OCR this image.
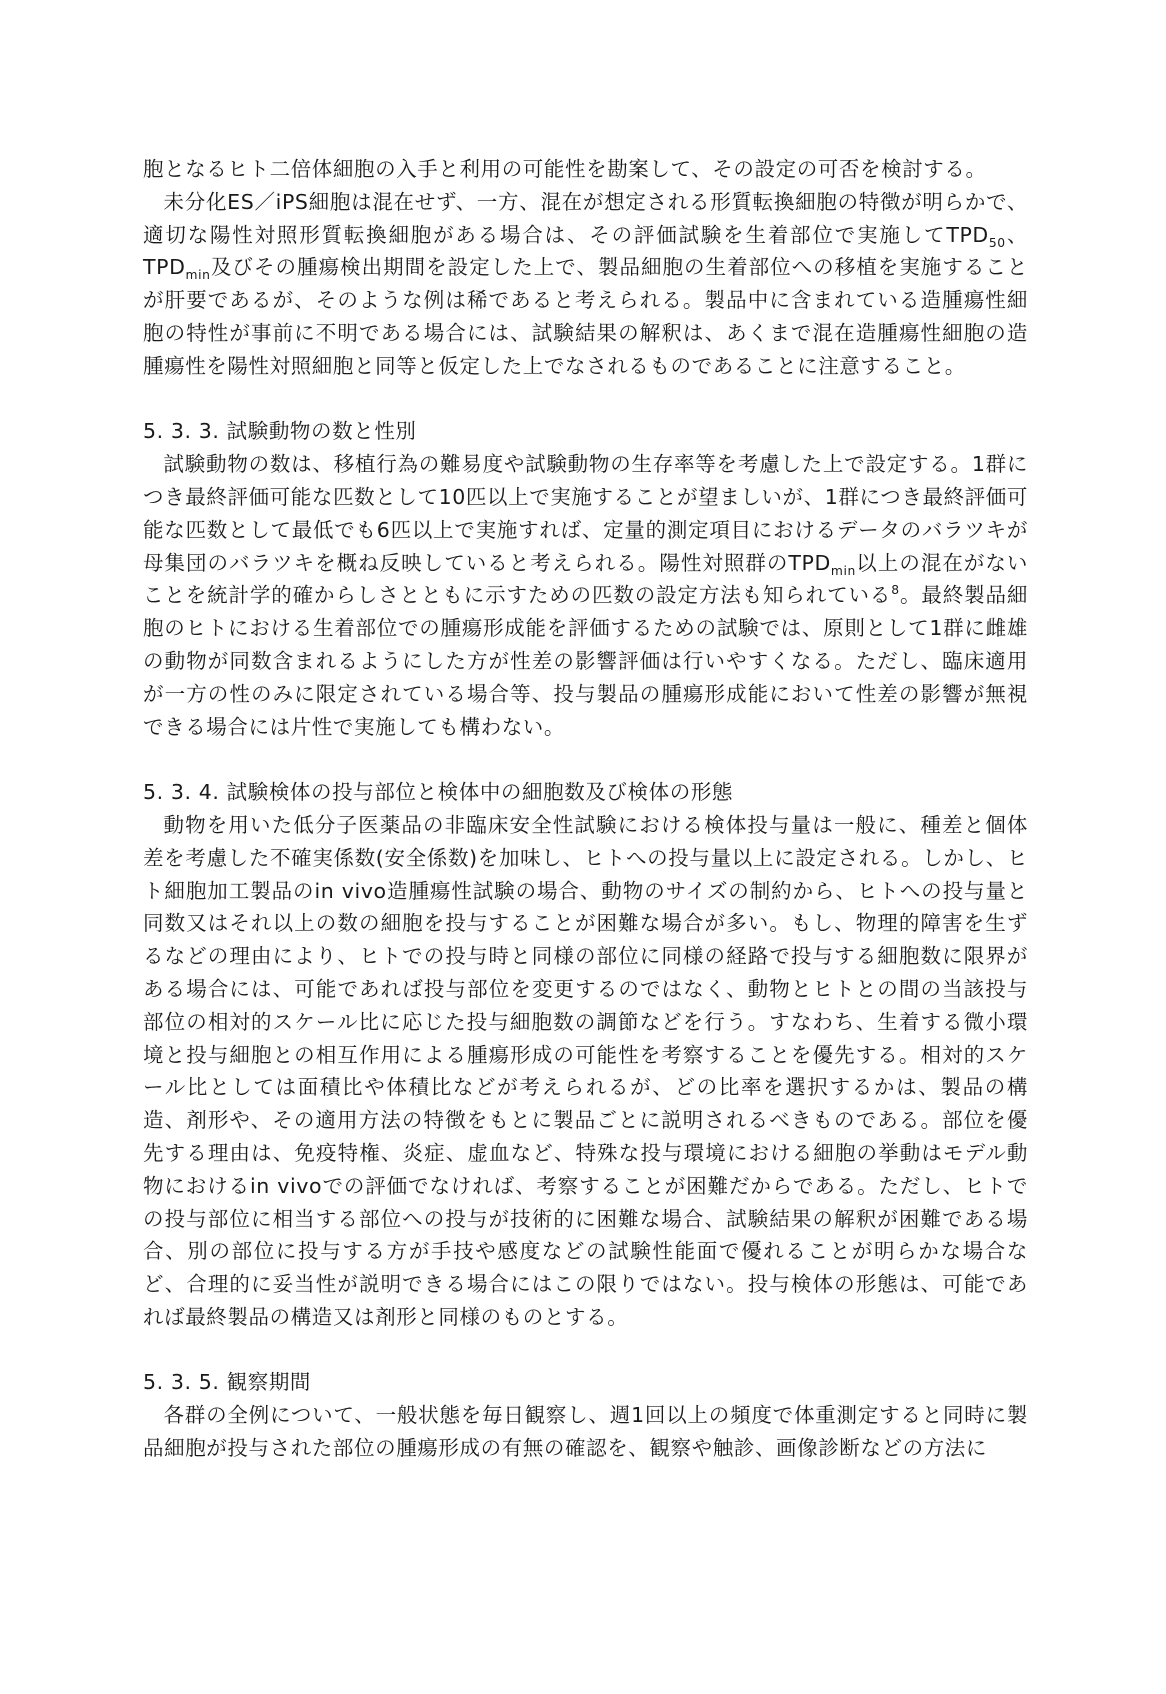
胞となるヒト二倍体細胞の入手と利用の可能性を勘案して、その設定の可否を検討する。

未分化ES／iPS細胞は混在せず、一方、混在が想定される形質転換細胞の特徴が明らかで、適切な陽性対照形質転換細胞がある場合は、その評価試験を生着部位で実施して$TPD_{50}$、$TPD_{min}$及びその腫瘍検出期間を設定した上で、製品細胞の生着部位への移植を実施することが肝要であるが、そのような例は稀であると考えられる。製品中に含まれている造腫瘍性細胞の特性が事前に不明である場合には、試験結果の解釈は、あくまで混在造腫瘍性細胞の造腫瘍性を陽性対照細胞と同等と仮定した上でなされるものであることに注意すること。

5. 3. 3. 試験動物の数と性別

試験動物の数は、移植行為の難易度や試験動物の生存率等を考慮した上で設定する。1群につき最終評価可能な匹数として10匹以上で実施することが望ましいが、1群につき最終評価可能な匹数として最低でも6匹以上で実施すれば、定量的測定項目におけるデータのバラツキが母集団のバラツキを概ね反映していると考えられる。陽性対照群の$TPD_{min}$以上の混在がないことを統計学的確からしさとともに示すための匹数の設定方法も知られている$^8$。最終製品細胞のヒトにおける生着部位での腫瘍形成能を評価するための試験では、原則として1群に雌雄の動物が同数含まれるようにした方が性差の影響評価は行いやすくなる。ただし、臨床適用が一方の性のみに限定されている場合等、投与製品の腫瘍形成能において性差の影響が無視できる場合には片性で実施しても構わない。

5. 3. 4. 試験検体の投与部位と検体中の細胞数及び検体の形態

動物を用いた低分子医薬品の非臨床安全性試験における検体投与量は一般に、種差と個体差を考慮した不確実係数(安全係数)を加味し、ヒトへの投与量以上に設定される。しかし、ヒト細胞加工製品のin vivo造腫瘍性試験の場合、動物のサイズの制約から、ヒトへの投与量と同数又はそれ以上の数の細胞を投与することが困難な場合が多い。もし、物理的障害を生ずるなどの理由により、ヒトでの投与時と同様の部位に同様の経路で投与する細胞数に限界がある場合には、可能であれば投与部位を変更するのではなく、動物とヒトとの間の当該投与部位の相対的スケール比に応じた投与細胞数の調節などを行う。すなわち、生着する微小環境と投与細胞との相互作用による腫瘍形成の可能性を考察することを優先する。相対的スケール比としては面積比や体積比などが考えられるが、どの比率を選択するかは、製品の構造、剤形や、その適用方法の特徴をもとに製品ごとに説明されるべきものである。部位を優先する理由は、免疫特権、炎症、虚血など、特殊な投与環境における細胞の挙動はモデル動物におけるin vivoでの評価でなければ、考察することが困難だからである。ただし、ヒトでの投与部位に相当する部位への投与が技術的に困難な場合、試験結果の解釈が困難である場合、別の部位に投与する方が手技や感度などの試験性能面で優れることが明らかな場合など、合理的に妥当性が説明できる場合にはこの限りではない。投与検体の形態は、可能であれば最終製品の構造又は剤形と同様のものとする。

5. 3. 5. 観察期間

各群の全例について、一般状態を毎日観察し、週1回以上の頻度で体重測定すると同時に製品細胞が投与された部位の腫瘍形成の有無の確認を、観察や触診、画像診断などの方法に
